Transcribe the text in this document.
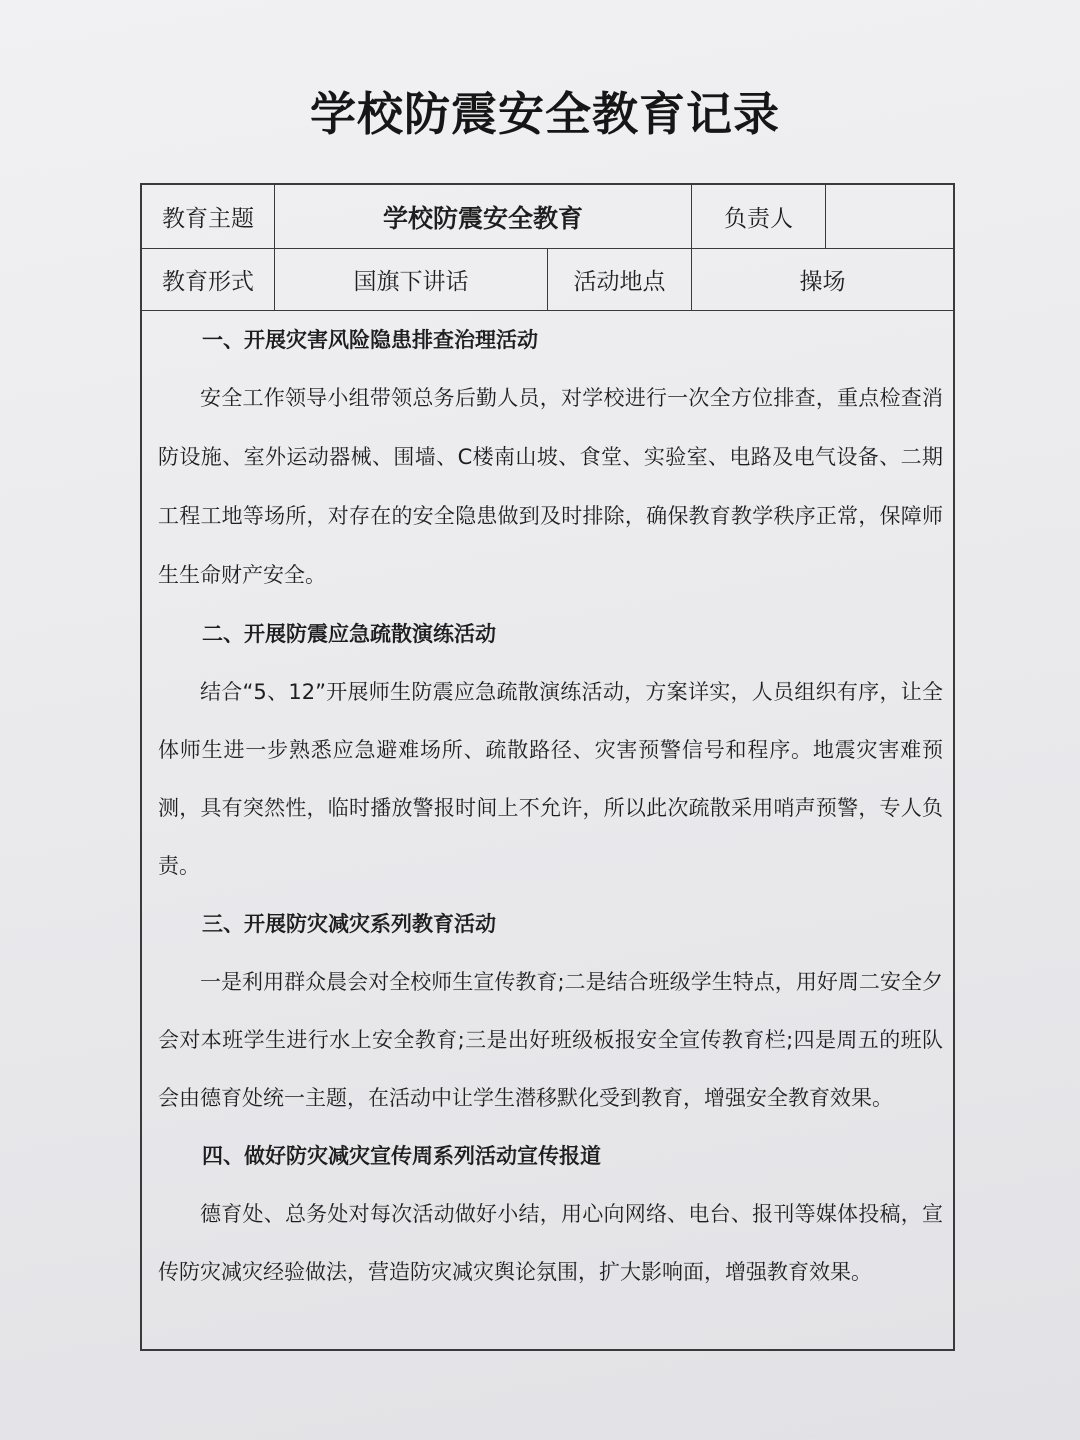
学校防震安全教育记录
教育主题	学校防震安全教育	负责人
教育形式	国旗下讲话	活动地点	操场
一、开展灾害风险隐患排查治理活动

安全工作领导小组带领总务后勤人员，对学校进行一次全方位排查，重点检查消防设施、室外运动器械、围墙、C楼南山坡、食堂、实验室、电路及电气设备、二期工程工地等场所，对存在的安全隐患做到及时排除，确保教育教学秩序正常，保障师生生命财产安全。

二、开展防震应急疏散演练活动

结合“5、12”开展师生防震应急疏散演练活动，方案详实，人员组织有序，让全体师生进一步熟悉应急避难场所、疏散路径、灾害预警信号和程序。地震灾害难预测，具有突然性，临时播放警报时间上不允许，所以此次疏散采用哨声预警，专人负责。

三、开展防灾减灾系列教育活动

一是利用群众晨会对全校师生宣传教育;二是结合班级学生特点，用好周二安全夕会对本班学生进行水上安全教育;三是出好班级板报安全宣传教育栏;四是周五的班队会由德育处统一主题，在活动中让学生潜移默化受到教育，增强安全教育效果。

四、做好防灾减灾宣传周系列活动宣传报道

德育处、总务处对每次活动做好小结，用心向网络、电台、报刊等媒体投稿，宣传防灾减灾经验做法，营造防灾减灾舆论氛围，扩大影响面，增强教育效果。
